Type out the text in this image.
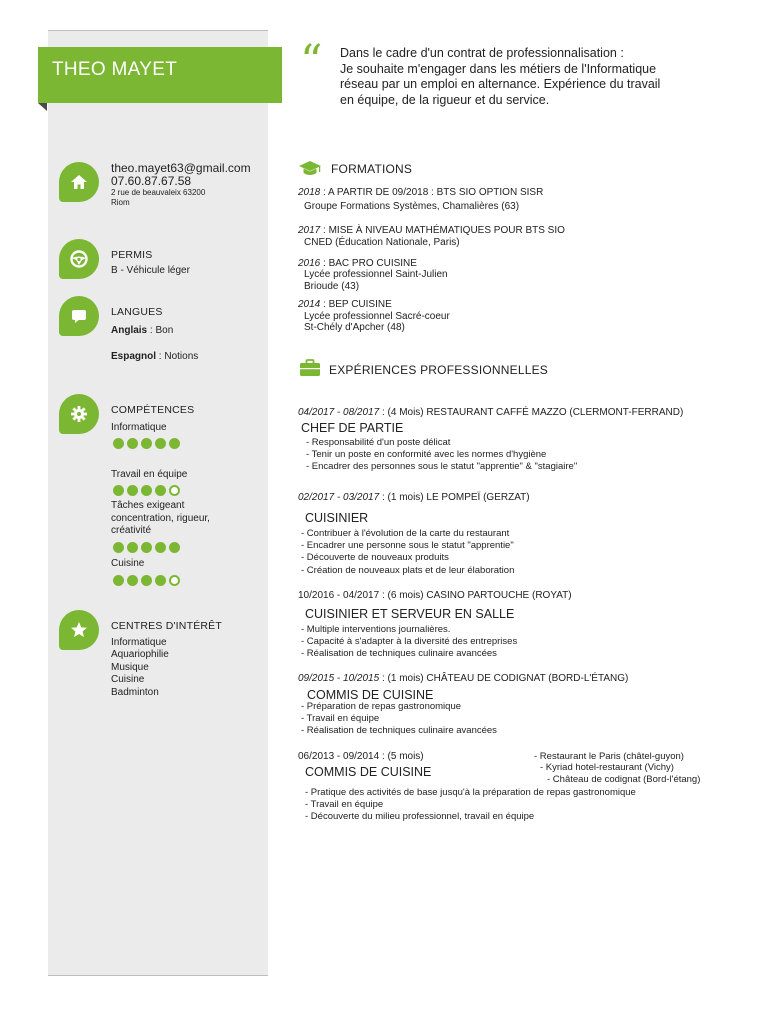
THEO MAYET
theo.mayet63@gmail.com
07.60.87.67.58
2 rue de beauvaleix 63200
Riom
PERMIS
B - Véhicule léger
LANGUES
Anglais : Bon
Espagnol : Notions
COMPÉTENCES
Informatique
Travail en équipe
Tâches exigeant concentration, rigueur, créativité
Cuisine
CENTRES D'INTÉRÊT
Informatique
Aquariophilie
Musique
Cuisine
Badminton
“ Dans le cadre d'un contrat de professionnalisation :
Je souhaite m'engager dans les métiers de l'Informatique
réseau par un emploi en alternance. Expérience du travail
en équipe, de la rigueur et du service.
FORMATIONS
2018 : A PARTIR DE 09/2018 : BTS SIO OPTION SISR
Groupe Formations Systèmes, Chamalières (63)
2017 : MISE À NIVEAU MATHÉMATIQUES POUR BTS SIO
CNED (Éducation Nationale, Paris)
2016 : BAC PRO CUISINE
Lycée professionnel Saint-Julien
Brioude (43)
2014 : BEP CUISINE
Lycée professionnel Sacré-coeur
St-Chély d'Apcher (48)
EXPÉRIENCES PROFESSIONNELLES
04/2017 - 08/2017 : (4 Mois) RESTAURANT CAFFÉ MAZZO (CLERMONT-FERRAND)
CHEF DE PARTIE
- Responsabilité d'un poste délicat
- Tenir un poste en conformité avec les normes d'hygiène
- Encadrer des personnes sous le statut "apprentie" & "stagiaire"
02/2017 - 03/2017 : (1 mois) LE POMPEÏ (GERZAT)
CUISINIER
- Contribuer à l'évolution de la carte du restaurant
- Encadrer une personne sous le statut "apprentie"
- Découverte de nouveaux produits
- Création de nouveaux plats et de leur élaboration
10/2016 - 04/2017 : (6 mois) CASINO PARTOUCHE (ROYAT)
CUISINIER ET SERVEUR EN SALLE
- Multiple interventions journalières.
- Capacité à s'adapter à la diversité des entreprises
- Réalisation de techniques culinaire avancées
09/2015 - 10/2015 : (1 mois) CHÂTEAU DE CODIGNAT (BORD-L'ÉTANG)
COMMIS DE CUISINE
- Préparation de repas gastronomique
- Travail en équipe
- Réalisation de techniques culinaire avancées
06/2013 - 09/2014 : (5 mois)
COMMIS DE CUISINE
- Restaurant le Paris (châtel-guyon)
- Kyriad hotel-restaurant (Vichy)
- Château de codignat (Bord-l'étang)
- Pratique des activités de base jusqu'à la préparation de repas gastronomique
- Travail en équipe
- Découverte du milieu professionnel, travail en équipe
